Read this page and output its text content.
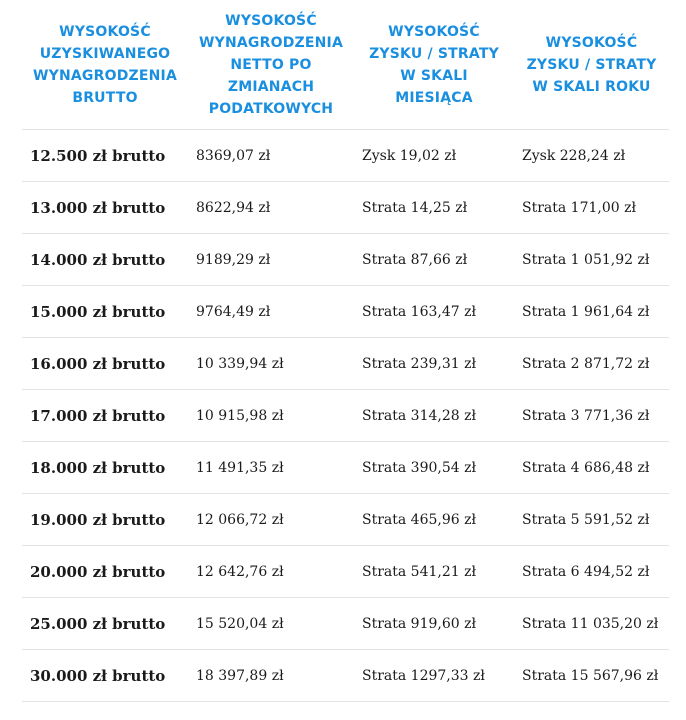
WYSOKOŚĆ UZYSKIWANEGO WYNAGRODZENIA BRUTTO	WYSOKOŚĆ WYNAGRODZENIA NETTO PO ZMIANACH PODATKOWYCH	WYSOKOŚĆ ZYSKU / STRATY W SKALI MIESIĄCA	WYSOKOŚĆ ZYSKU / STRATY W SKALI ROKU
12.500 zł brutto	8369,07 zł	Zysk 19,02 zł	Zysk 228,24 zł
13.000 zł brutto	8622,94 zł	Strata 14,25 zł	Strata 171,00 zł
14.000 zł brutto	9189,29 zł	Strata 87,66 zł	Strata 1 051,92 zł
15.000 zł brutto	9764,49 zł	Strata 163,47 zł	Strata 1 961,64 zł
16.000 zł brutto	10 339,94 zł	Strata 239,31 zł	Strata 2 871,72 zł
17.000 zł brutto	10 915,98 zł	Strata 314,28 zł	Strata 3 771,36 zł
18.000 zł brutto	11 491,35 zł	Strata 390,54 zł	Strata 4 686,48 zł
19.000 zł brutto	12 066,72 zł	Strata 465,96 zł	Strata 5 591,52 zł
20.000 zł brutto	12 642,76 zł	Strata 541,21 zł	Strata 6 494,52 zł
25.000 zł brutto	15 520,04 zł	Strata 919,60 zł	Strata 11 035,20 zł
30.000 zł brutto	18 397,89 zł	Strata 1297,33 zł	Strata 15 567,96 zł
